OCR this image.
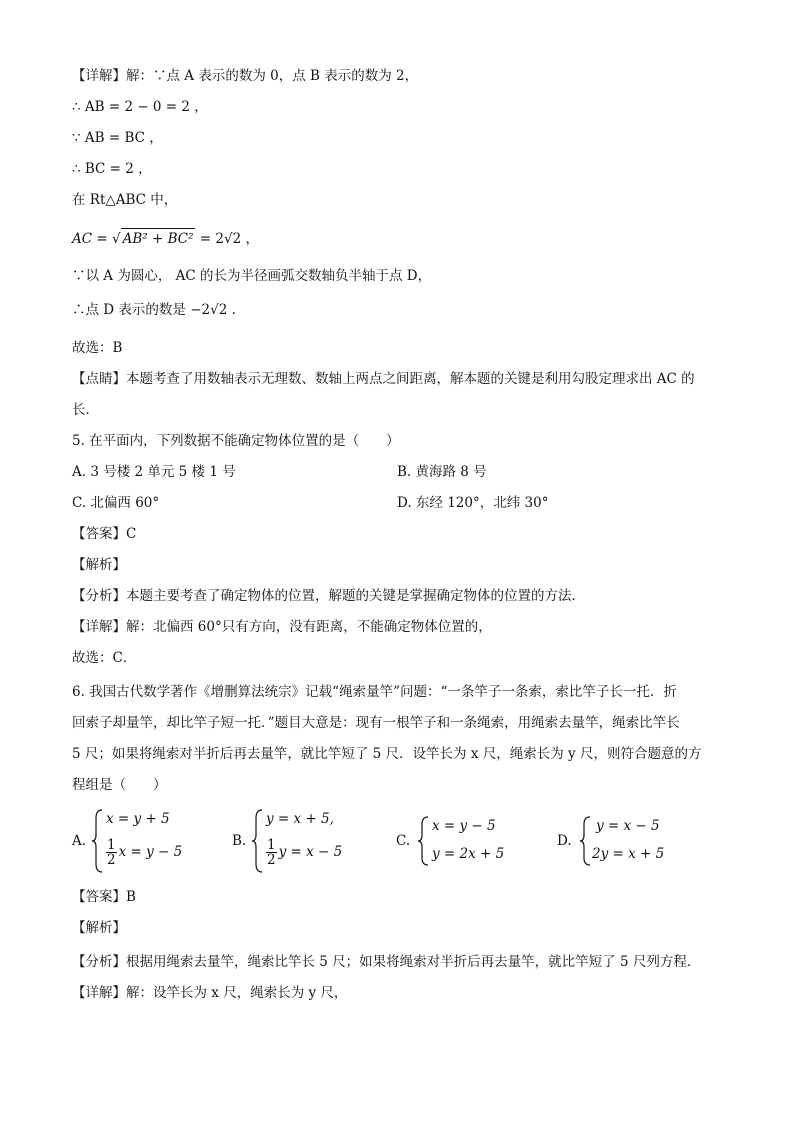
【详解】解：∵点 A 表示的数为 0，点 B 表示的数为 2，
∴ AB = 2 − 0 = 2 ，
∵ AB = BC ，
∴ BC = 2 ，
在 Rt△ABC 中，
AC = √ AB² + BC² = 2√2 ，
∵以 A 为圆心， AC 的长为半径画弧交数轴负半轴于点 D，
∴点 D 表示的数是 −2√2 .
故选：B
【点睛】本题考查了用数轴表示无理数、数轴上两点之间距离，解本题的关键是利用勾股定理求出 AC 的
长．
5. 在平面内，下列数据不能确定物体位置的是（　　）
A. 3 号楼 2 单元 5 楼 1 号	B. 黄海路 8 号
C. 北偏西 60°	D. 东经 120°，北纬 30°
【答案】C
【解析】
【分析】本题主要考查了确定物体的位置，解题的关键是掌握确定物体的位置的方法．
【详解】解：北偏西 60°只有方向，没有距离，不能确定物体位置的，
故选：C．
6. 我国古代数学著作《增删算法统宗》记载“绳索量竿”问题：“一条竿子一条索，索比竿子长一托．折
回索子却量竿，却比竿子短一托．”题目大意是：现有一根竿子和一条绳索，用绳索去量竿，绳索比竿长
5 尺；如果将绳索对半折后再去量竿，就比竿短了 5 尺．设竿长为 x 尺，绳索长为 y 尺，则符合题意的方
程组是（　　）
A.
x = y + 5
$\frac{1}{2}$ x = y − 5
B.
y = x + 5,
$\frac{1}{2}$ y = x − 5
C.
x = y − 5
y = 2x + 5
D.
y = x − 5
2y = x + 5
【答案】B
【解析】
【分析】根据用绳索去量竿，绳索比竿长 5 尺；如果将绳索对半折后再去量竿，就比竿短了 5 尺列方程．
【详解】解：设竿长为 x 尺，绳索长为 y 尺，
